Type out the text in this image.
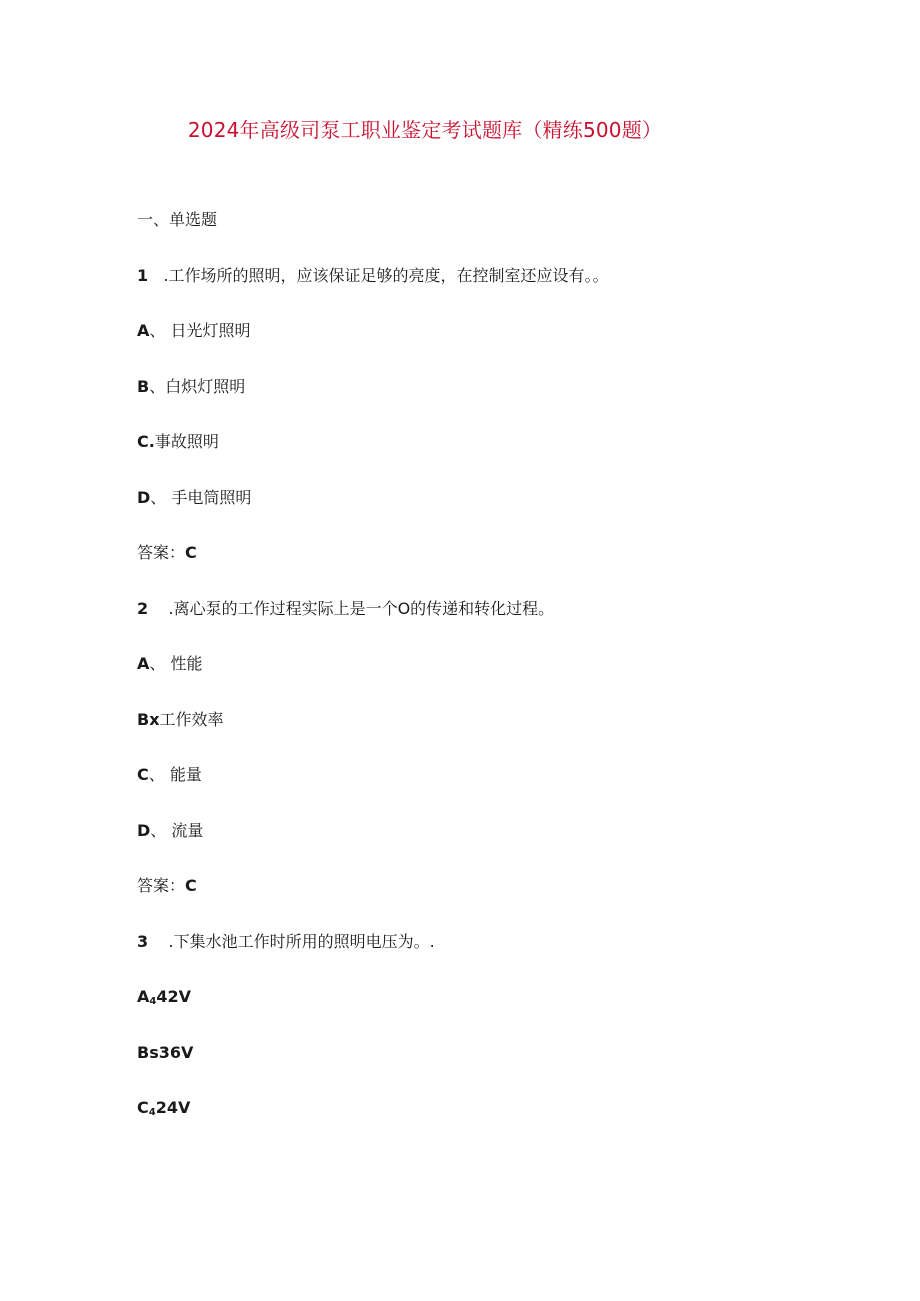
2024年高级司泵工职业鉴定考试题库（精练500题）
一、单选题
1 .工作场所的照明，应该保证足够的亮度，在控制室还应设有。。
A、 日光灯照明
B、白炽灯照明
C.事故照明
D、 手电筒照明
答案：C
2 .离心泵的工作过程实际上是一个O的传递和转化过程。
A、 性能
Bx工作效率
C、 能量
D、 流量
答案：C
3 .下集水池工作时所用的照明电压为。.
$A_442V$
Bs36V
$C_424V$
